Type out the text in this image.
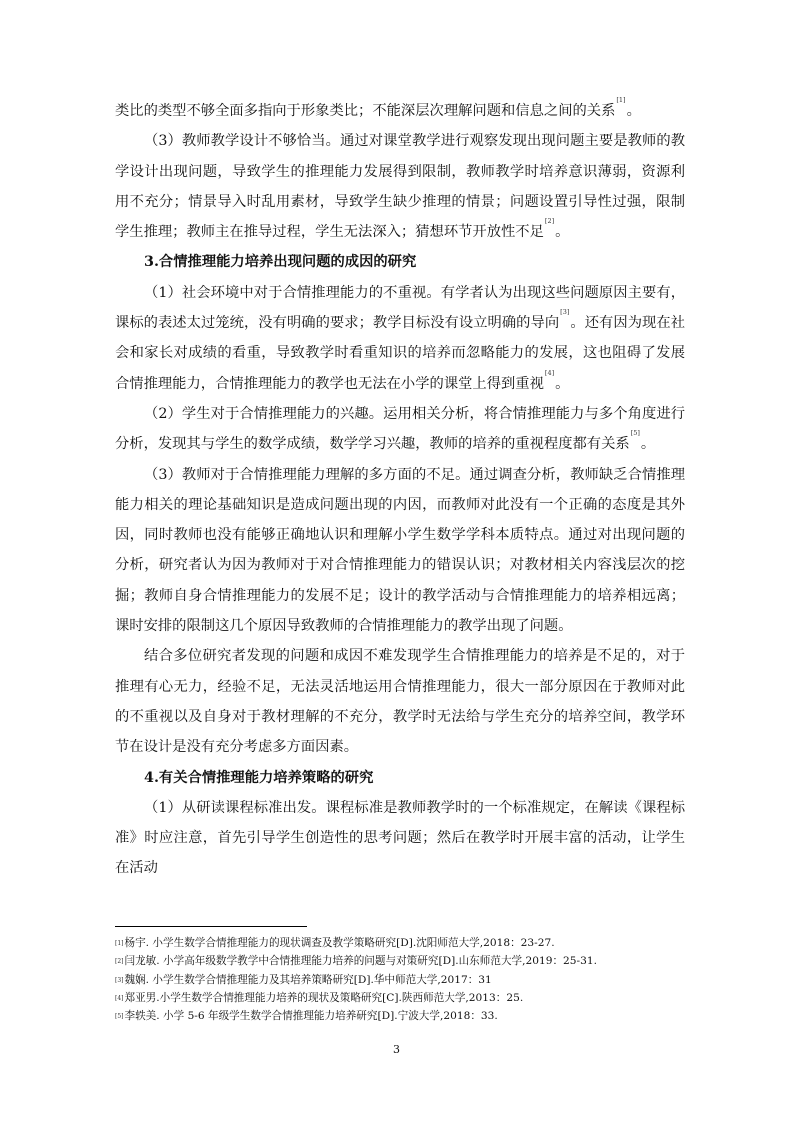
类比的类型不够全面多指向于形象类比；不能深层次理解问题和信息之间的关系[1]。

（3）教师教学设计不够恰当。通过对课堂教学进行观察发现出现问题主要是教师的教学设计出现问题，导致学生的推理能力发展得到限制，教师教学时培养意识薄弱，资源利用不充分；情景导入时乱用素材，导致学生缺少推理的情景；问题设置引导性过强，限制学生推理；教师主在推导过程，学生无法深入；猜想环节开放性不足[2]。

3.合情推理能力培养出现问题的成因的研究

（1）社会环境中对于合情推理能力的不重视。有学者认为出现这些问题原因主要有，课标的表述太过笼统，没有明确的要求；教学目标没有设立明确的导向[3]。还有因为现在社会和家长对成绩的看重，导致教学时看重知识的培养而忽略能力的发展，这也阻碍了发展合情推理能力，合情推理能力的教学也无法在小学的课堂上得到重视[4]。

（2）学生对于合情推理能力的兴趣。运用相关分析，将合情推理能力与多个角度进行分析，发现其与学生的数学成绩，数学学习兴趣，教师的培养的重视程度都有关系[5]。

（3）教师对于合情推理能力理解的多方面的不足。通过调查分析，教师缺乏合情推理能力相关的理论基础知识是造成问题出现的内因，而教师对此没有一个正确的态度是其外因，同时教师也没有能够正确地认识和理解小学生数学学科本质特点。通过对出现问题的分析，研究者认为因为教师对于对合情推理能力的错误认识；对教材相关内容浅层次的挖掘；教师自身合情推理能力的发展不足；设计的教学活动与合情推理能力的培养相远离；课时安排的限制这几个原因导致教师的合情推理能力的教学出现了问题。

结合多位研究者发现的问题和成因不难发现学生合情推理能力的培养是不足的，对于推理有心无力，经验不足，无法灵活地运用合情推理能力，很大一部分原因在于教师对此的不重视以及自身对于教材理解的不充分，教学时无法给与学生充分的培养空间，教学环节在设计是没有充分考虑多方面因素。

4.有关合情推理能力培养策略的研究

（1）从研读课程标准出发。课程标准是教师教学时的一个标准规定，在解读《课程标准》时应注意，首先引导学生创造性的思考问题；然后在教学时开展丰富的活动，让学生在活动

[1]杨宇. 小学生数学合情推理能力的现状调查及教学策略研究[D].沈阳师范大学,2018：23-27.
[2]闫龙敏. 小学高年级数学教学中合情推理能力培养的问题与对策研究[D].山东师范大学,2019：25-31.
[3]魏娴. 小学生数学合情推理能力及其培养策略研究[D].华中师范大学,2017：31
[4]郑亚男.小学生数学合情推理能力培养的现状及策略研究[C].陕西师范大学,2013：25.
[5]李轶美. 小学 5-6 年级学生数学合情推理能力培养研究[D].宁波大学,2018：33.
3
